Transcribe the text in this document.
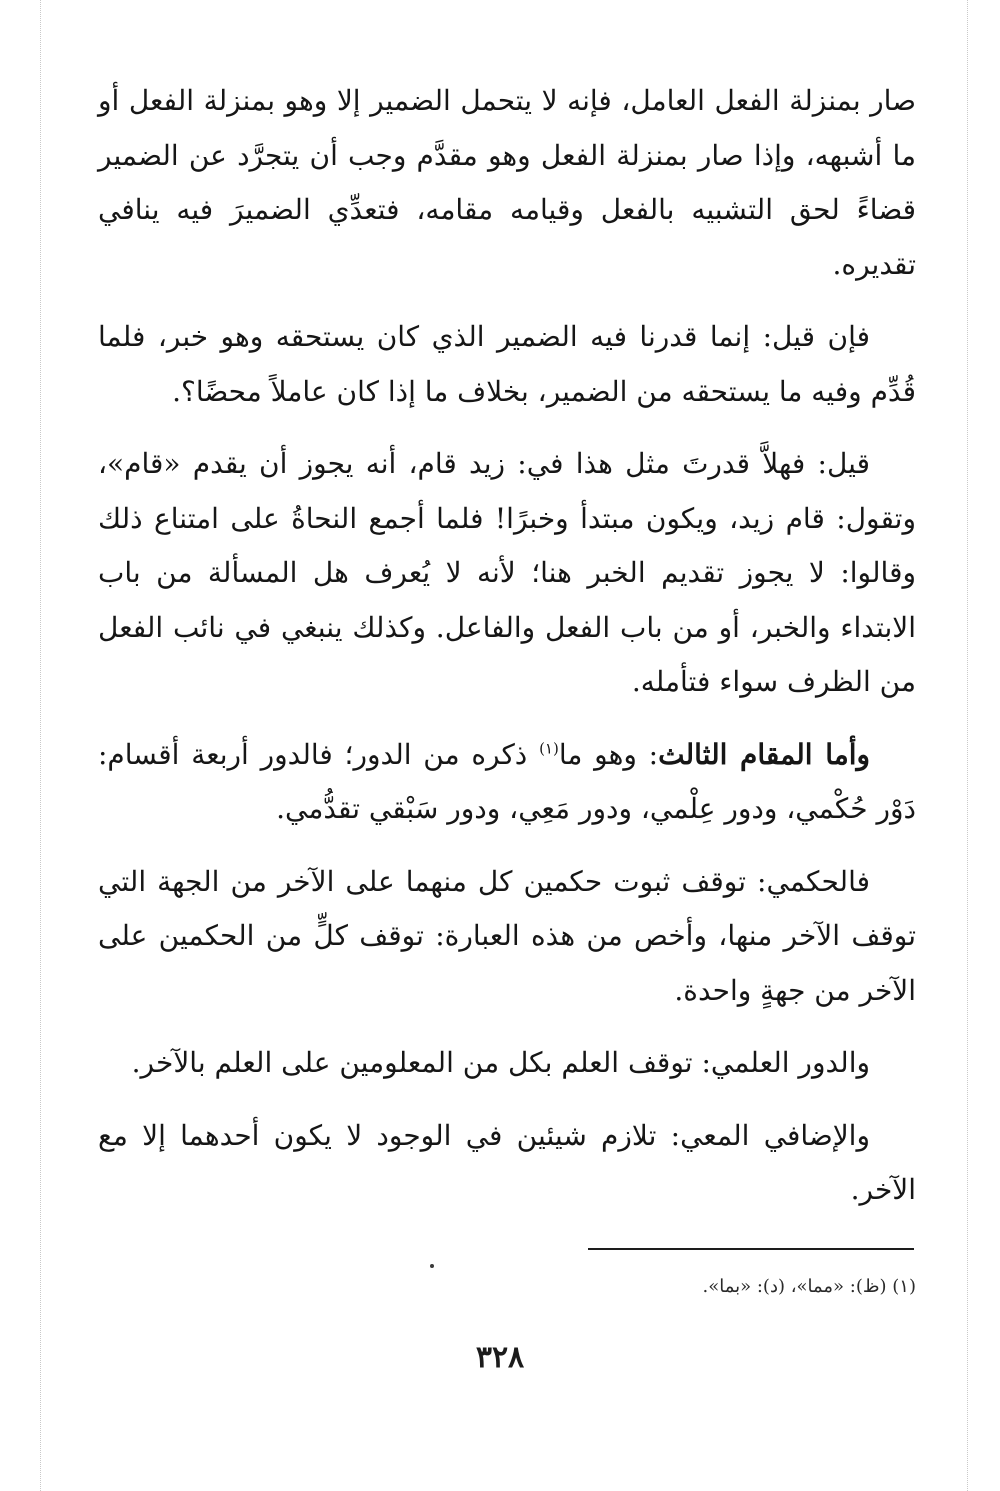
صار بمنزلة الفعل العامل، فإنه لا يتحمل الضمير إلا وهو بمنزلة الفعل أو ما أشبهه، وإذا صار بمنزلة الفعل وهو مقدَّم وجب أن يتجرَّد عن الضمير قضاءً لحق التشبيه بالفعل وقيامه مقامه، فتعدِّي الضميرَ فيه ينافي تقديره.

فإن قيل: إنما قدرنا فيه الضمير الذي كان يستحقه وهو خبر، فلما قُدِّم وفيه ما يستحقه من الضمير، بخلاف ما إذا كان عاملاً محضًا؟.

قيل: فهلاَّ قدرتَ مثل هذا في: زيد قام، أنه يجوز أن يقدم «قام»، وتقول: قام زيد، ويكون مبتدأ وخبرًا! فلما أجمع النحاةُ على امتناع ذلك وقالوا: لا يجوز تقديم الخبر هنا؛ لأنه لا يُعرف هل المسألة من باب الابتداء والخبر، أو من باب الفعل والفاعل. وكذلك ينبغي في نائب الفعل من الظرف سواء فتأمله.

وأما المقام الثالث: وهو ما$^{(١)}$ ذكره من الدور؛ فالدور أربعة أقسام: دَوْر حُكْمي، ودور عِلْمي، ودور مَعِي، ودور سَبْقي تقدُّمي.

فالحكمي: توقف ثبوت حكمين كل منهما على الآخر من الجهة التي توقف الآخر منها، وأخص من هذه العبارة: توقف كلٍّ من الحكمين على الآخر من جهةٍ واحدة.

والدور العلمي: توقف العلم بكل من المعلومين على العلم بالآخر.

والإضافي المعي: تلازم شيئين في الوجود لا يكون أحدهما إلا مع الآخر.

(١) (ظ): «مما»، (د): «بما».
٣٢٨
